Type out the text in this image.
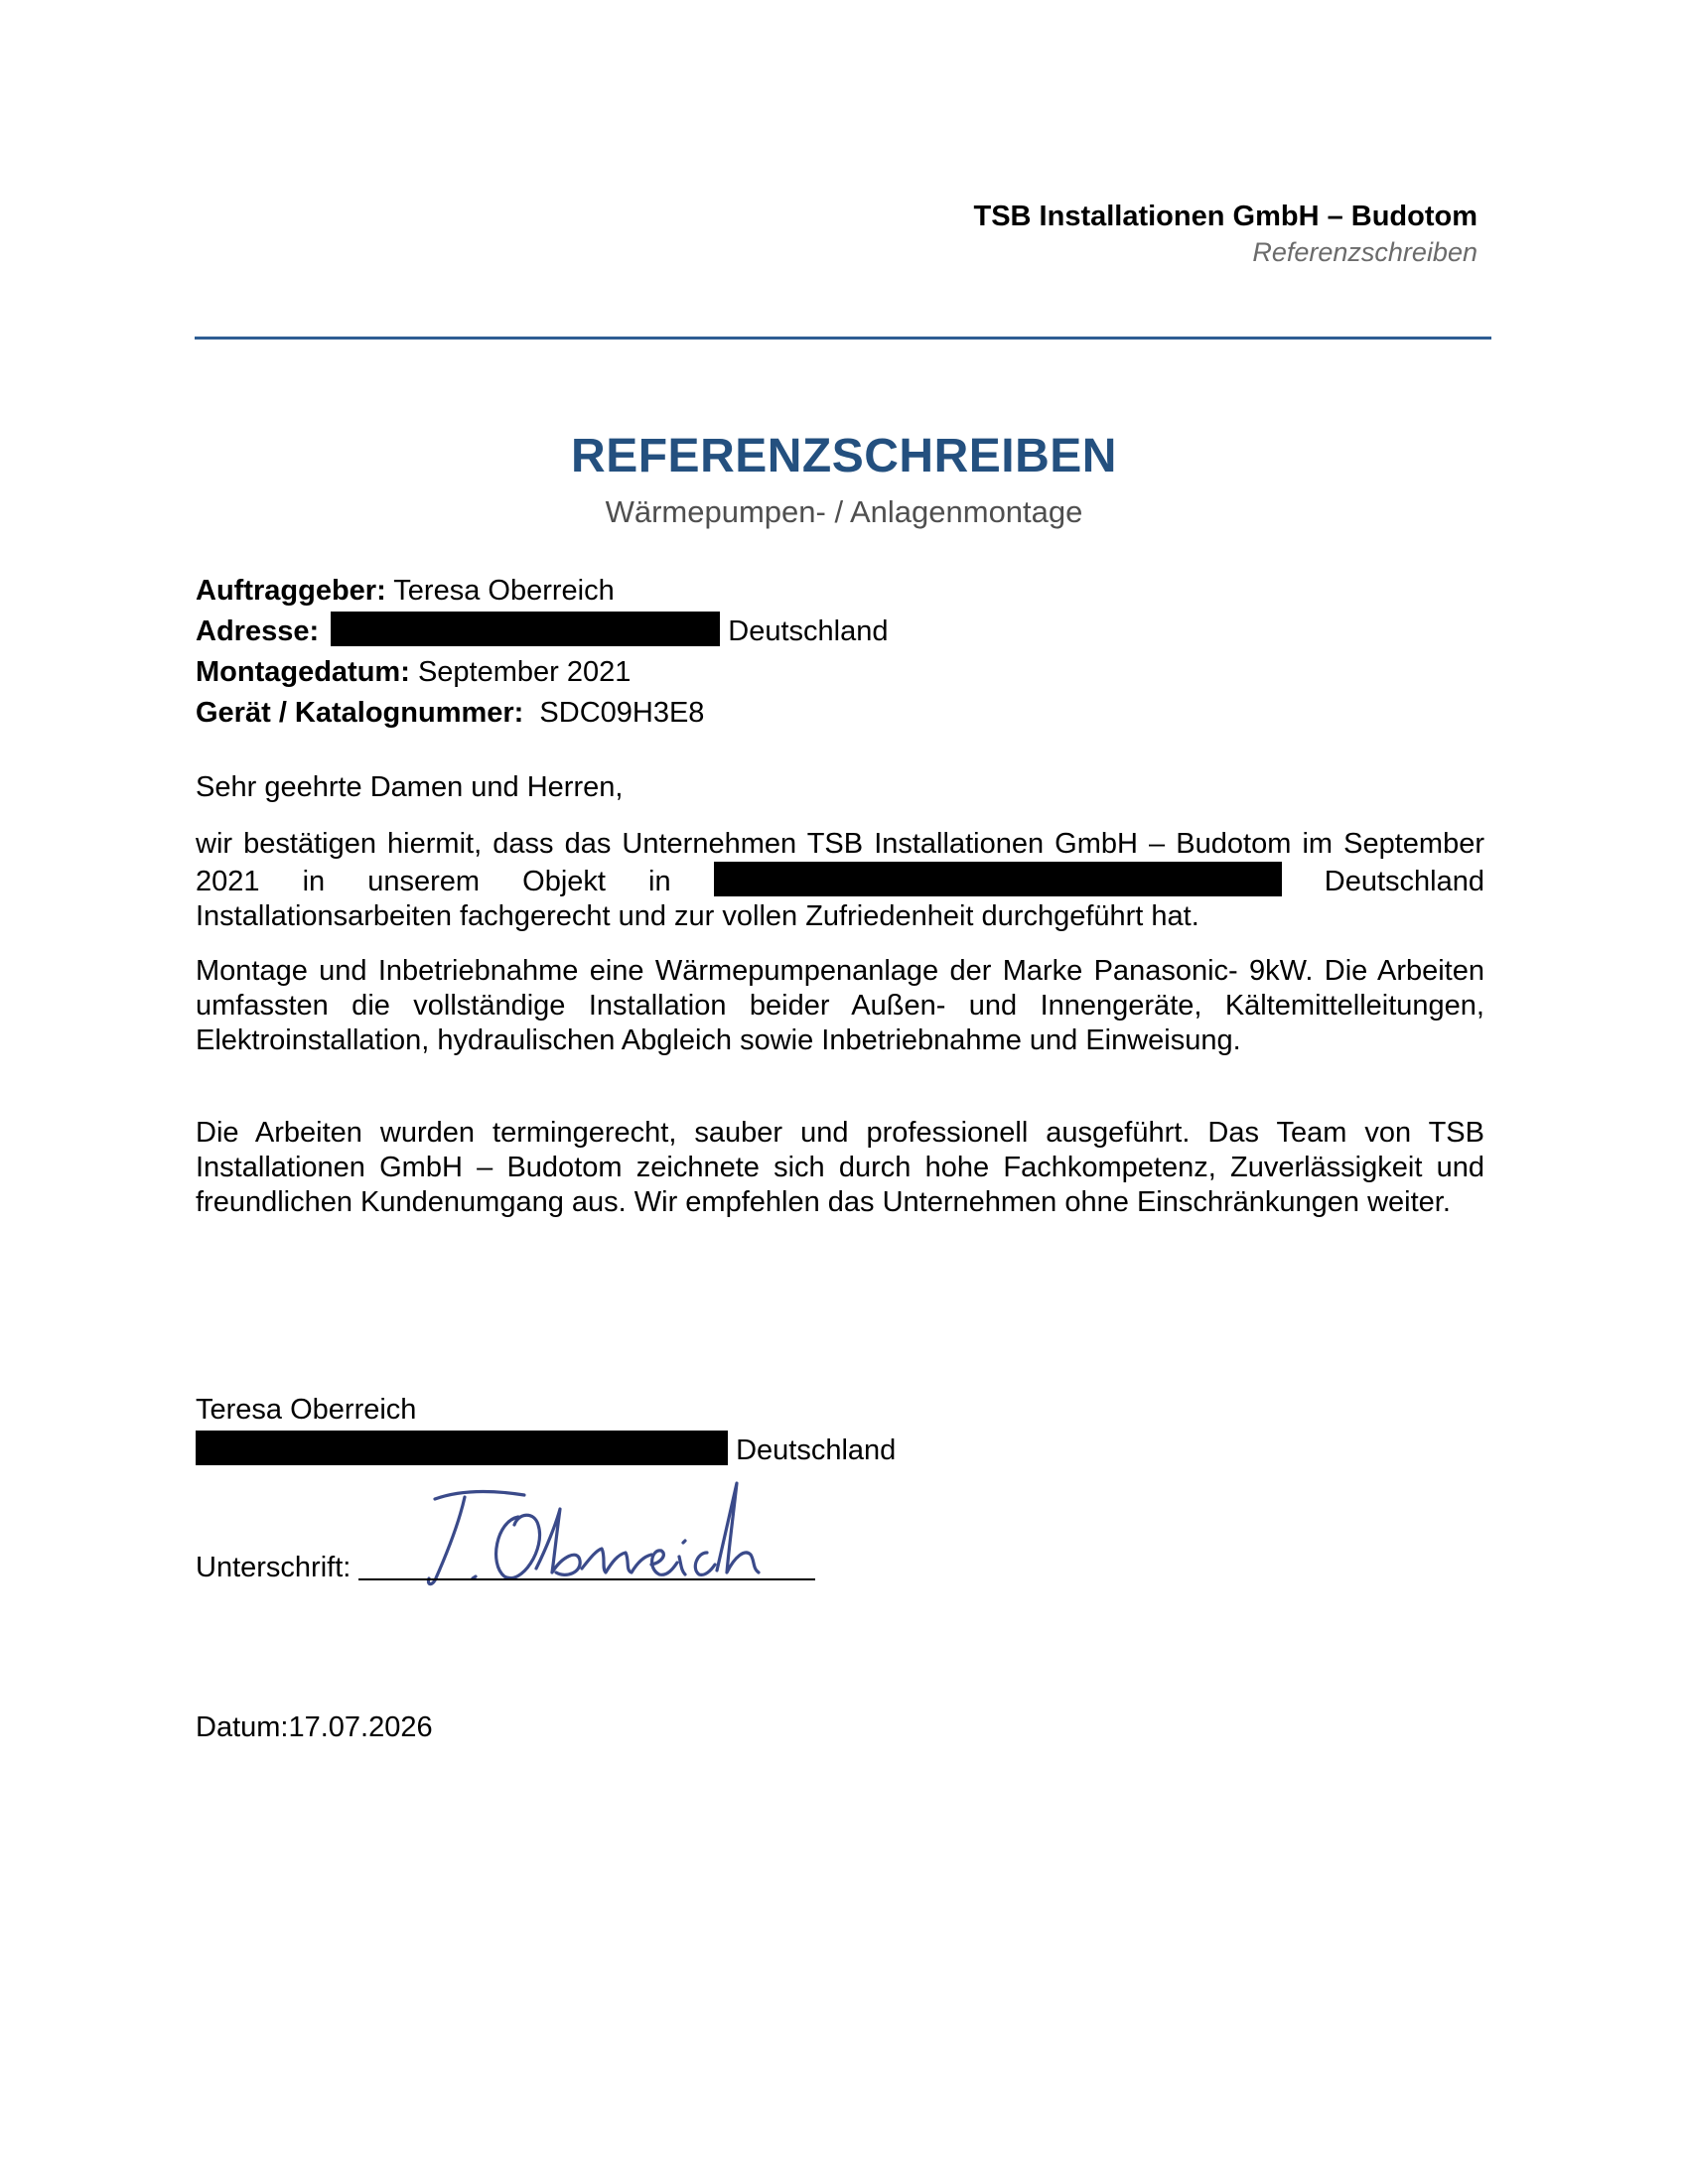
TSB Installationen GmbH – Budotom
Referenzschreiben
REFERENZSCHREIBEN
Wärmepumpen- / Anlagenmontage
Auftraggeber: Teresa Oberreich
Adresse:	Deutschland
Montagedatum: September 2021
Gerät / Katalognummer: SDC09H3E8
Sehr geehrte Damen und Herren,
wir bestätigen hiermit, dass das Unternehmen TSB Installationen GmbH – Budotom im September 2021 in unserem Objekt in	Deutschland Installationsarbeiten fachgerecht und zur vollen Zufriedenheit durchgeführt hat.
Montage und Inbetriebnahme eine Wärmepumpenanlage der Marke Panasonic- 9kW. Die Arbeiten umfassten die vollständige Installation beider Außen- und Innengeräte, Kältemittelleitungen, Elektroinstallation, hydraulischen Abgleich sowie Inbetriebnahme und Einweisung.
Die Arbeiten wurden termingerecht, sauber und professionell ausgeführt. Das Team von TSB Installationen GmbH – Budotom zeichnete sich durch hohe Fachkompetenz, Zuverlässigkeit und freundlichen Kundenumgang aus. Wir empfehlen das Unternehmen ohne Einschränkungen weiter.
Teresa Oberreich
Deutschland
T. Oberreich
Unterschrift:
Datum:17.07.2026
